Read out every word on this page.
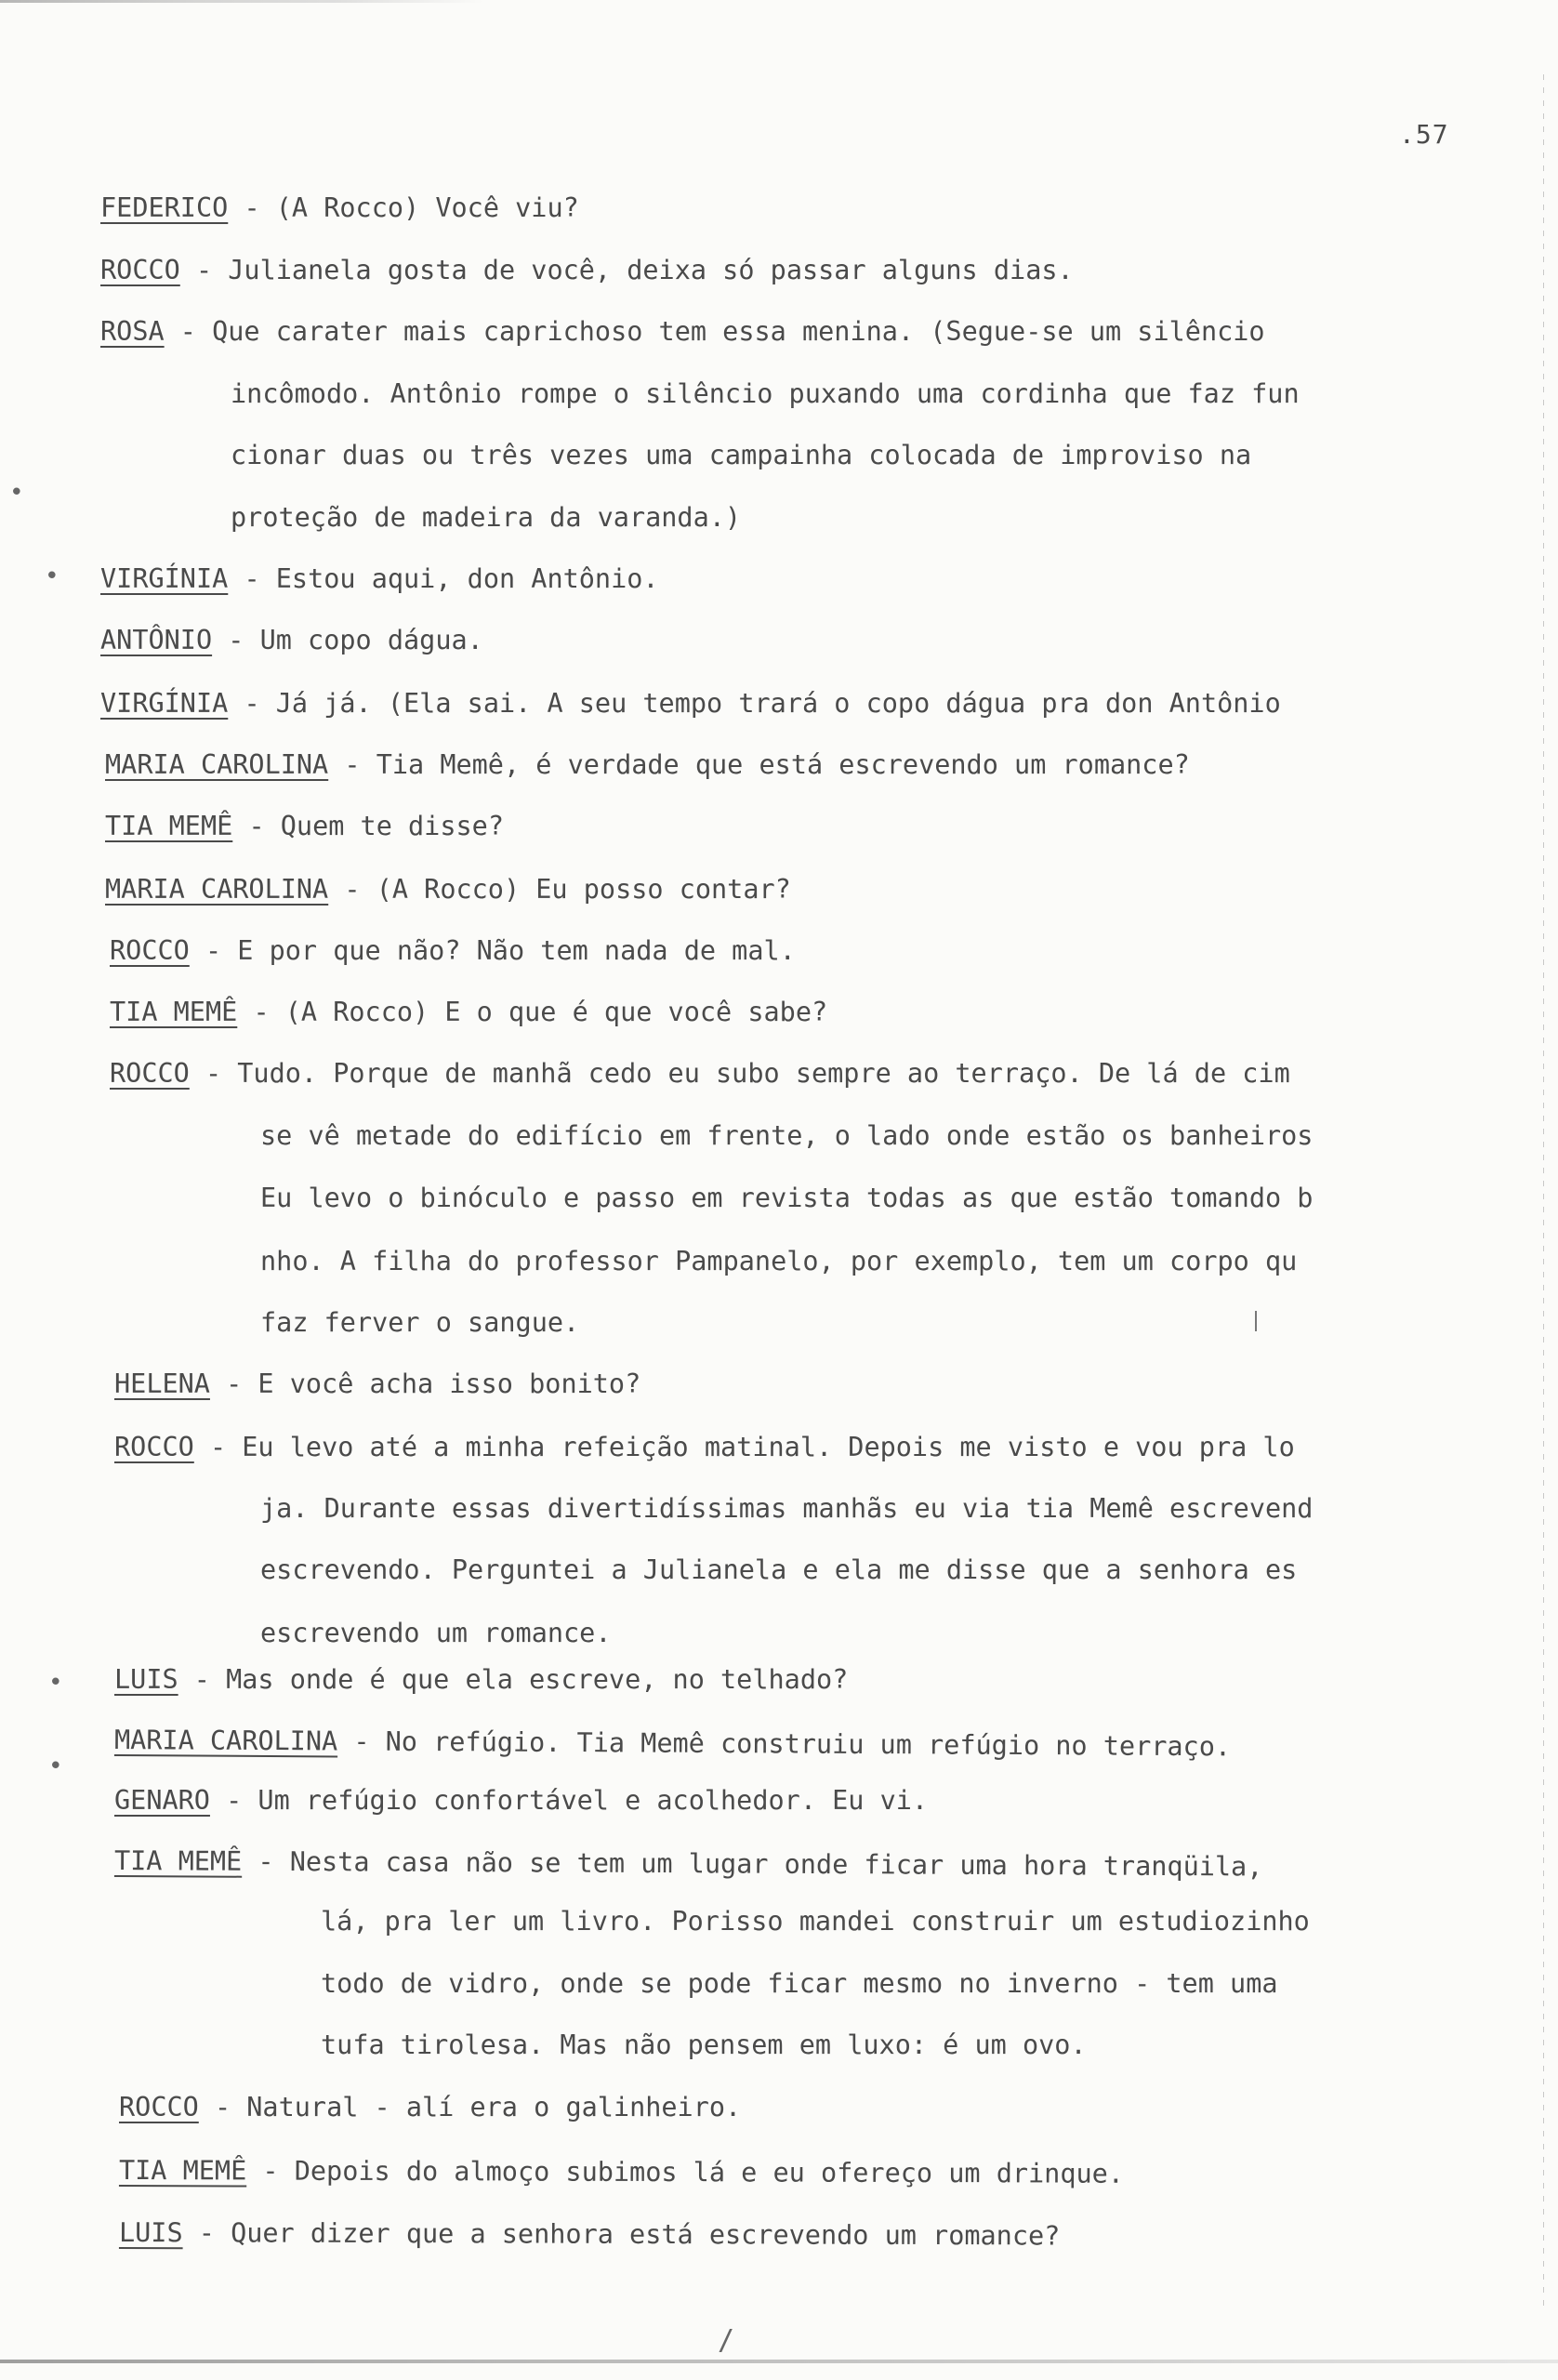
.57
FEDERICO - (A Rocco) Você viu?
ROCCO - Julianela gosta de você, deixa só passar alguns dias.
ROSA - Que carater mais caprichoso tem essa menina. (Segue-se um silêncio
incômodo. Antônio rompe o silêncio puxando uma cordinha que faz fun
cionar duas ou três vezes uma campainha colocada de improviso na
proteção de madeira da varanda.)
VIRGÍNIA - Estou aqui, don Antônio.
ANTÔNIO - Um copo dágua.
VIRGÍNIA - Já já. (Ela sai. A seu tempo trará o copo dágua pra don Antônio
MARIA CAROLINA - Tia Memê, é verdade que está escrevendo um romance?
TIA MEMÊ - Quem te disse?
MARIA CAROLINA - (A Rocco) Eu posso contar?
ROCCO - E por que não? Não tem nada de mal.
TIA MEMÊ - (A Rocco) E o que é que você sabe?
ROCCO - Tudo. Porque de manhã cedo eu subo sempre ao terraço. De lá de cim
se vê metade do edifício em frente, o lado onde estão os banheiros
Eu levo o binóculo e passo em revista todas as que estão tomando b
nho. A filha do professor Pampanelo, por exemplo, tem um corpo qu
faz ferver o sangue.
HELENA - E você acha isso bonito?
ROCCO - Eu levo até a minha refeição matinal. Depois me visto e vou pra lo
ja. Durante essas divertidíssimas manhãs eu via tia Memê escrevend
escrevendo. Perguntei a Julianela e ela me disse que a senhora es
escrevendo um romance.
LUIS - Mas onde é que ela escreve, no telhado?
MARIA CAROLINA - No refúgio. Tia Memê construiu um refúgio no terraço.
GENARO - Um refúgio confortável e acolhedor. Eu vi.
TIA MEMÊ - Nesta casa não se tem um lugar onde ficar uma hora tranqüila,
lá, pra ler um livro. Porisso mandei construir um estudiozinho
todo de vidro, onde se pode ficar mesmo no inverno - tem uma
tufa tirolesa. Mas não pensem em luxo: é um ovo.
ROCCO - Natural - alí era o galinheiro.
TIA MEMÊ - Depois do almoço subimos lá e eu ofereço um drinque.
LUIS - Quer dizer que a senhora está escrevendo um romance?
•
•
•
•
/
